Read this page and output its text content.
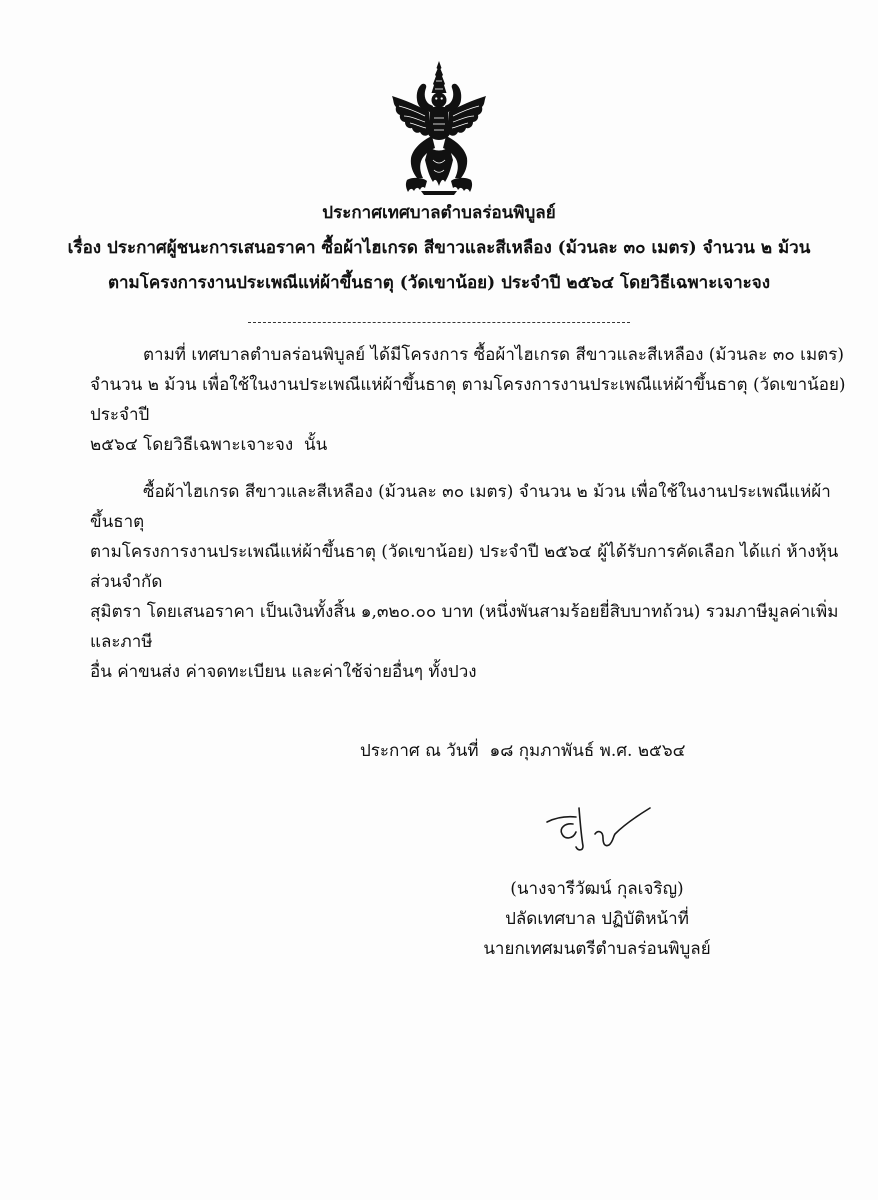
ประกาศเทศบาลตำบลร่อนพิบูลย์
เรื่อง ประกาศผู้ชนะการเสนอราคา ซื้อผ้าไฮเกรด สีขาวและสีเหลือง (ม้วนละ ๓๐ เมตร) จำนวน ๒ ม้วน
ตามโครงการงานประเพณีแห่ผ้าขึ้นธาตุ (วัดเขาน้อย) ประจำปี ๒๕๖๔ โดยวิธีเฉพาะเจาะจง
ตามที่ เทศบาลตำบลร่อนพิบูลย์ ได้มีโครงการ ซื้อผ้าไฮเกรด สีขาวและสีเหลือง (ม้วนละ ๓๐ เมตร)
จำนวน ๒ ม้วน เพื่อใช้ในงานประเพณีแห่ผ้าขึ้นธาตุ ตามโครงการงานประเพณีแห่ผ้าขึ้นธาตุ (วัดเขาน้อย) ประจำปี
๒๕๖๔ โดยวิธีเฉพาะเจาะจง  นั้น
ซื้อผ้าไฮเกรด สีขาวและสีเหลือง (ม้วนละ ๓๐ เมตร) จำนวน ๒ ม้วน เพื่อใช้ในงานประเพณีแห่ผ้าขึ้นธาตุ
ตามโครงการงานประเพณีแห่ผ้าขึ้นธาตุ (วัดเขาน้อย) ประจำปี ๒๕๖๔ ผู้ได้รับการคัดเลือก ได้แก่ ห้างหุ้นส่วนจำกัด
สุมิตรา โดยเสนอราคา เป็นเงินทั้งสิ้น ๑,๓๒๐.๐๐ บาท (หนึ่งพันสามร้อยยี่สิบบาทถ้วน) รวมภาษีมูลค่าเพิ่มและภาษี
อื่น ค่าขนส่ง ค่าจดทะเบียน และค่าใช้จ่ายอื่นๆ ทั้งปวง
ประกาศ ณ วันที่  ๑๘ กุมภาพันธ์ พ.ศ. ๒๕๖๔
(นางจารีวัฒน์ กุลเจริญ)
ปลัดเทศบาล ปฏิบัติหน้าที่
นายกเทศมนตรีตำบลร่อนพิบูลย์
